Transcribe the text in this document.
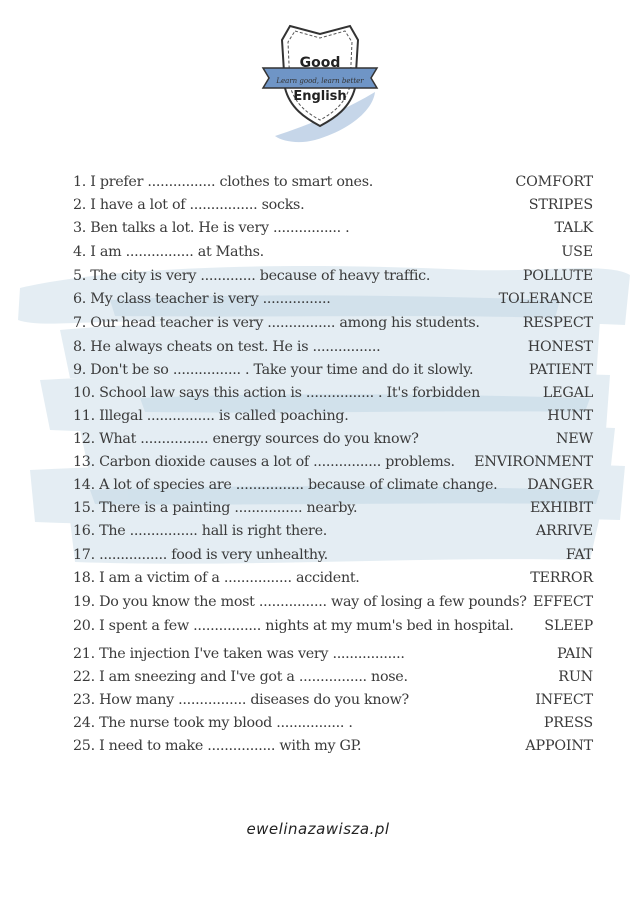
Good
Learn good, learn better
English
1. I prefer ................ clothes to smart ones.	COMFORT
2. I have a lot of ................ socks.	STRIPES
3. Ben talks a lot. He is very ................ .	TALK
4. I am ................ at Maths.	USE
5. The city is very ............. because of heavy traffic.	POLLUTE
6. My class teacher is very ................	TOLERANCE
7. Our head teacher is very ................ among his students.	RESPECT
8. He always cheats on test. He is ................	HONEST
9. Don't be so ................ . Take your time and do it slowly.	PATIENT
10. School law says this action is ................ . It's forbidden	LEGAL
11. Illegal ................ is called poaching.	HUNT
12. What ................ energy sources do you know?	NEW
13. Carbon dioxide causes a lot of ................ problems. ENVIRONMENT
14. A lot of species are ................ because of climate change. DANGER
15. There is a painting ................ nearby.	EXHIBIT
16. The ................ hall is right there.	ARRIVE
17. ................ food is very unhealthy.	FAT
18. I am a victim of a ................ accident.	TERROR
19. Do you know the most ................ way of losing a few pounds? EFFECT
20. I spent a few ................ nights at my mum's bed in hospital. SLEEP
21. The injection I've taken was very .................	PAIN
22. I am sneezing and I've got a ................ nose.	RUN
23. How many ................ diseases do you know?	INFECT
24. The nurse took my blood ................ .	PRESS
25. I need to make ................ with my GP.	APPOINT
ewelinazawisza.pl
